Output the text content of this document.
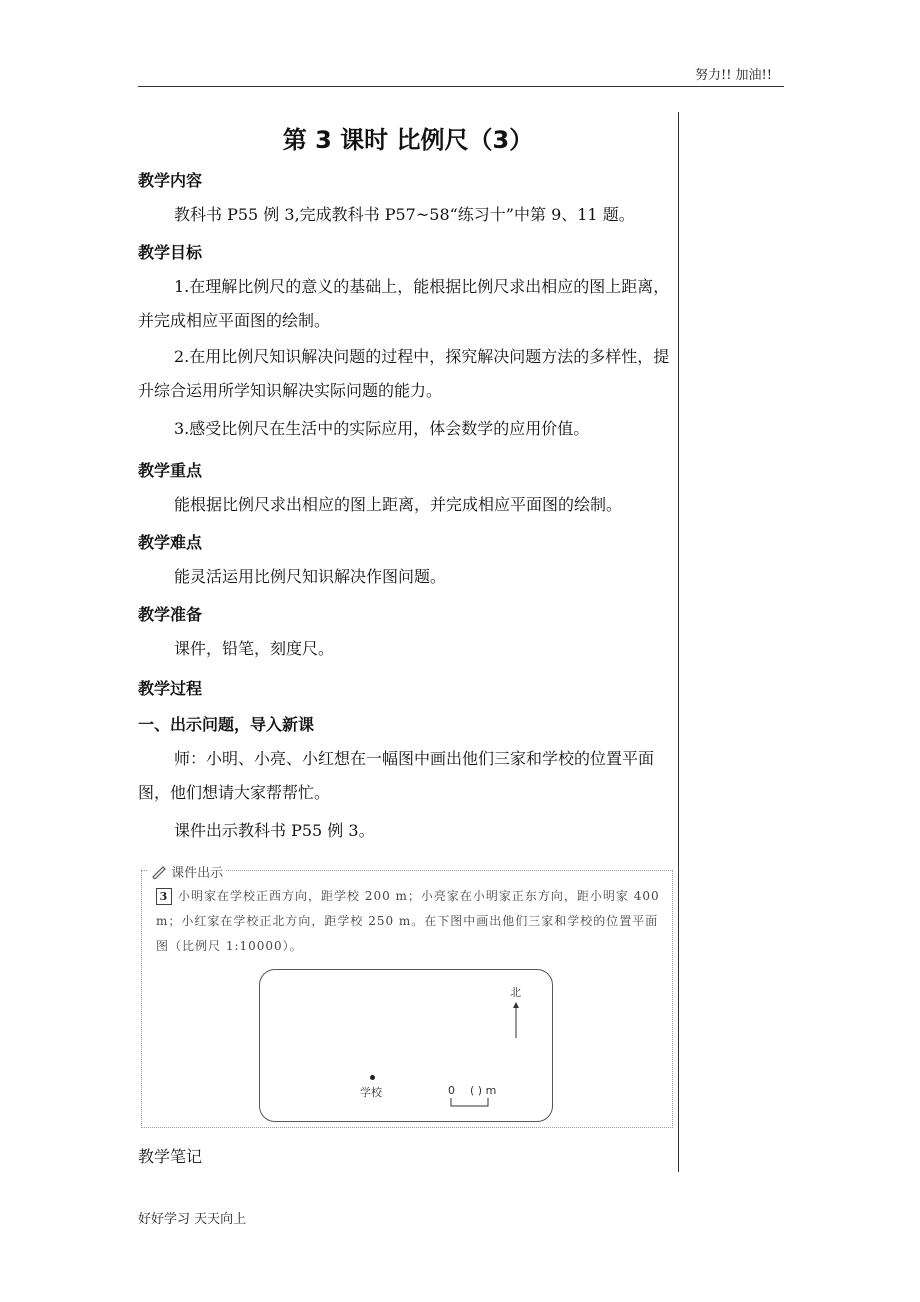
努力!! 加油!!
第 3 课时 比例尺（3）
教学内容

教科书 P55 例 3,完成教科书 P57~58“练习十”中第 9、11 题。

教学目标

1.在理解比例尺的意义的基础上，能根据比例尺求出相应的图上距离，并完成相应平面图的绘制。

2.在用比例尺知识解决问题的过程中，探究解决问题方法的多样性，提升综合运用所学知识解决实际问题的能力。

3.感受比例尺在生活中的实际应用，体会数学的应用价值。

教学重点

能根据比例尺求出相应的图上距离，并完成相应平面图的绘制。

教学难点

能灵活运用比例尺知识解决作图问题。

教学准备

课件，铅笔，刻度尺。

教学过程
一、出示问题，导入新课

师：小明、小亮、小红想在一幅图中画出他们三家和学校的位置平面图，他们想请大家帮帮忙。

课件出示教科书 P55 例 3。

课件出示
3 小明家在学校正西方向，距学校 200 m；小亮家在小明家正东方向，距小明家 400 m；小红家在学校正北方向，距学校 250 m。在下图中画出他们三家和学校的位置平面图（比例尺 1:10000）。
北
学校	0 ( ) m
教学笔记
好好学习 天天向上
